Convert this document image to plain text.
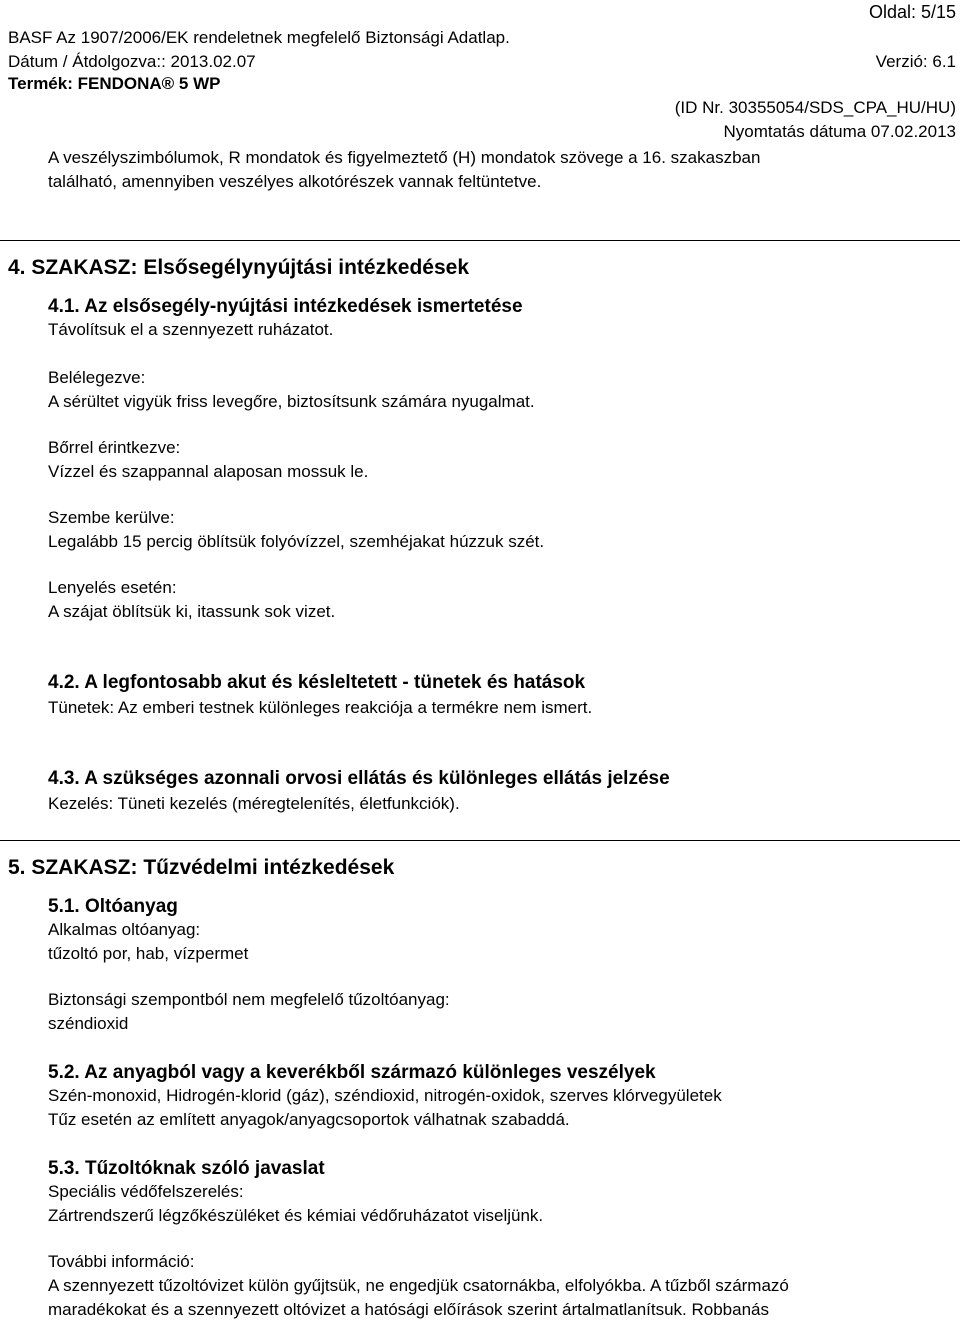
Oldal: 5/15
BASF Az 1907/2006/EK rendeletnek megfelelő Biztonsági Adatlap.
Dátum / Átdolgozva:: 2013.02.07	Verzió: 6.1
Termék: FENDONA® 5 WP
(ID Nr. 30355054/SDS_CPA_HU/HU)
Nyomtatás dátuma 07.02.2013
A veszélyszimbólumok, R mondatok és figyelmeztető (H) mondatok szövege a 16. szakaszban
található, amennyiben veszélyes alkotórészek vannak feltüntetve.
4. SZAKASZ: Elsősegélynyújtási intézkedések
4.1. Az elsősegély-nyújtási intézkedések ismertetése
Távolítsuk el a szennyezett ruházatot.
Belélegezve:
A sérültet vigyük friss levegőre, biztosítsunk számára nyugalmat.
Bőrrel érintkezve:
Vízzel és szappannal alaposan mossuk le.
Szembe kerülve:
Legalább 15 percig öblítsük folyóvízzel, szemhéjakat húzzuk szét.
Lenyelés esetén:
A szájat öblítsük ki, itassunk sok vizet.
4.2. A legfontosabb akut és késleltetett - tünetek és hatások
Tünetek: Az emberi testnek különleges reakciója a termékre nem ismert.
4.3. A szükséges azonnali orvosi ellátás és különleges ellátás jelzése
Kezelés: Tüneti kezelés (méregtelenítés, életfunkciók).
5. SZAKASZ: Tűzvédelmi intézkedések
5.1. Oltóanyag
Alkalmas oltóanyag:
tűzoltó por, hab, vízpermet
Biztonsági szempontból nem megfelelő tűzoltóanyag:
széndioxid
5.2. Az anyagból vagy a keverékből származó különleges veszélyek
Szén-monoxid, Hidrogén-klorid (gáz), széndioxid, nitrogén-oxidok, szerves klórvegyületek
Tűz esetén az említett anyagok/anyagcsoportok válhatnak szabaddá.
5.3. Tűzoltóknak szóló javaslat
Speciális védőfelszerelés:
Zártrendszerű légzőkészüléket és kémiai védőruházatot viseljünk.
További információ:
A szennyezett tűzoltóvizet külön gyűjtsük, ne engedjük csatornákba, elfolyókba. A tűzből származó
maradékokat és a szennyezett oltóvizet a hatósági előírások szerint ártalmatlanítsuk. Robbanás
